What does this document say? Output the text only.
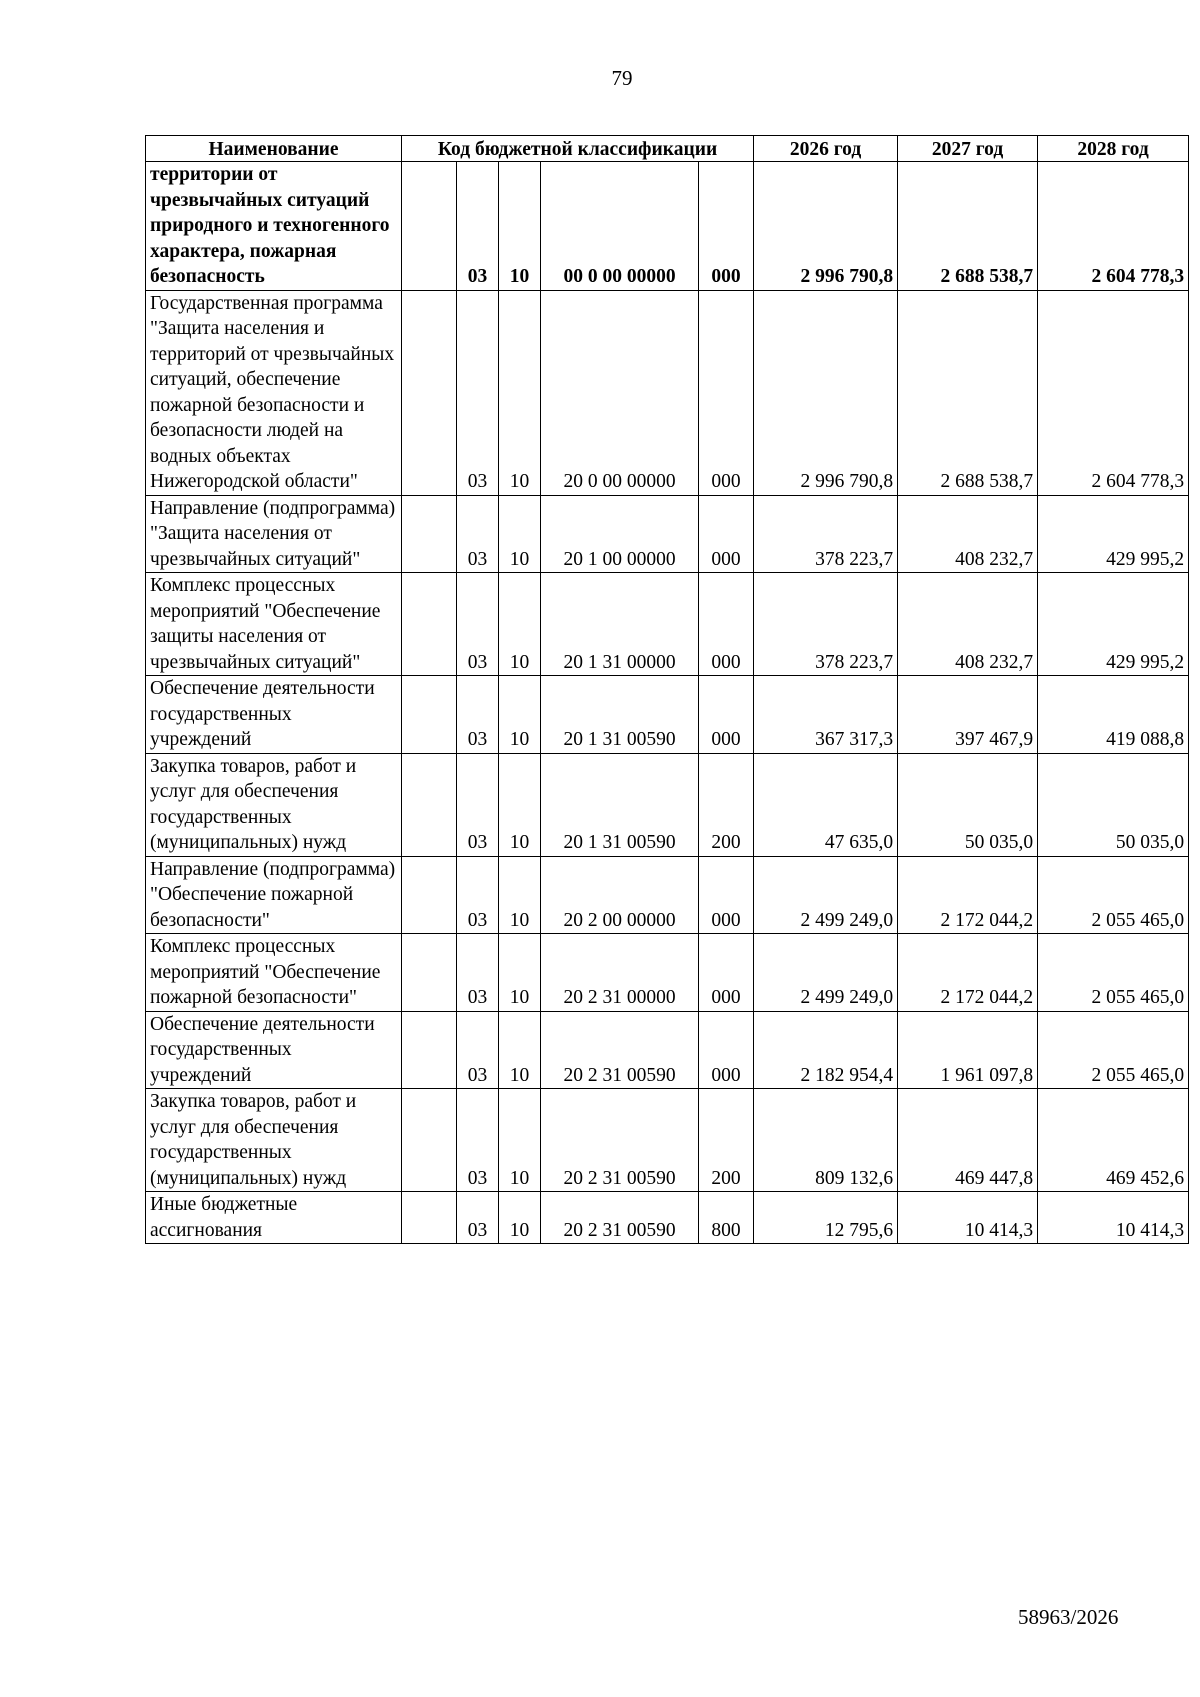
79
Наименование	Код бюджетной классификации					2026 год	2027 год	2028 год
территории от чрезвычайных ситуаций природного и техногенного характера, пожарная безопасность		03	10	00 0 00 00000	000	2 996 790,8	2 688 538,7	2 604 778,3
Государственная программа "Защита населения и территорий от чрезвычайных ситуаций, обеспечение пожарной безопасности и безопасности людей на водных объектах Нижегородской области"		03	10	20 0 00 00000	000	2 996 790,8	2 688 538,7	2 604 778,3
Направление (подпрограмма) "Защита населения от чрезвычайных ситуаций"		03	10	20 1 00 00000	000	378 223,7	408 232,7	429 995,2
Комплекс процессных мероприятий "Обеспечение защиты населения от чрезвычайных ситуаций"		03	10	20 1 31 00000	000	378 223,7	408 232,7	429 995,2
Обеспечение деятельности государственных учреждений		03	10	20 1 31 00590	000	367 317,3	397 467,9	419 088,8
Закупка товаров, работ и услуг для обеспечения государственных (муниципальных) нужд		03	10	20 1 31 00590	200	47 635,0	50 035,0	50 035,0
Направление (подпрограмма) "Обеспечение пожарной безопасности"		03	10	20 2 00 00000	000	2 499 249,0	2 172 044,2	2 055 465,0
Комплекс процессных мероприятий "Обеспечение пожарной безопасности"		03	10	20 2 31 00000	000	2 499 249,0	2 172 044,2	2 055 465,0
Обеспечение деятельности государственных учреждений		03	10	20 2 31 00590	000	2 182 954,4	1 961 097,8	2 055 465,0
Закупка товаров, работ и услуг для обеспечения государственных (муниципальных) нужд		03	10	20 2 31 00590	200	809 132,6	469 447,8	469 452,6
Иные бюджетные ассигнования		03	10	20 2 31 00590	800	12 795,6	10 414,3	10 414,3
58963/2026
